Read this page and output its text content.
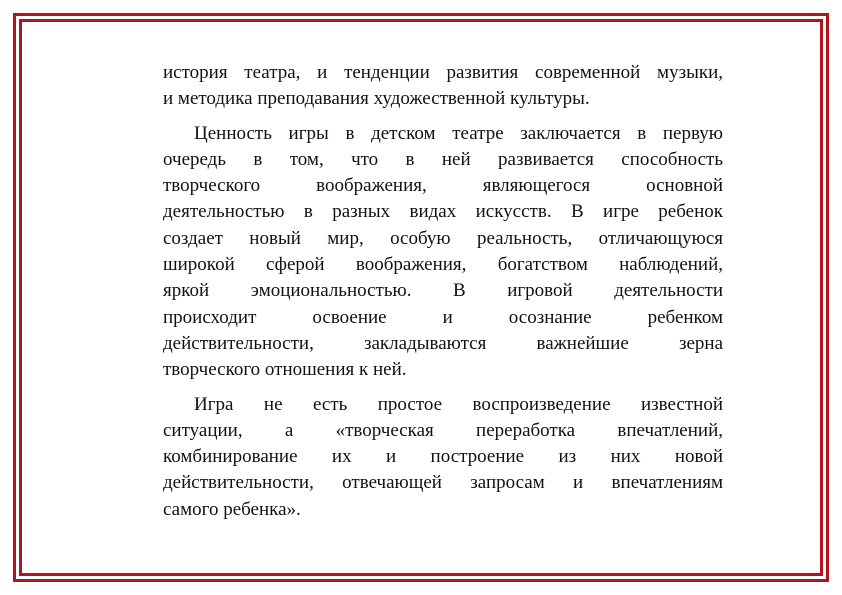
история театра, и тенденции развития современной музыки,
и методика преподавания художественной культуры.

Ценность игры в детском театре заключается в первую
очередь в том, что в ней развивается способность
творческого воображения, являющегося основной
деятельностью в разных видах искусств. В игре ребенок
создает новый мир, особую реальность, отличающуюся
широкой сферой воображения, богатством наблюдений,
яркой эмоциональностью. В игровой деятельности
происходит освоение и осознание ребенком
действительности, закладываются важнейшие зерна
творческого отношения к ней.

Игра не есть простое воспроизведение известной
ситуации, а «творческая переработка впечатлений,
комбинирование их и построение из них новой
действительности, отвечающей запросам и впечатлениям
самого ребенка».
